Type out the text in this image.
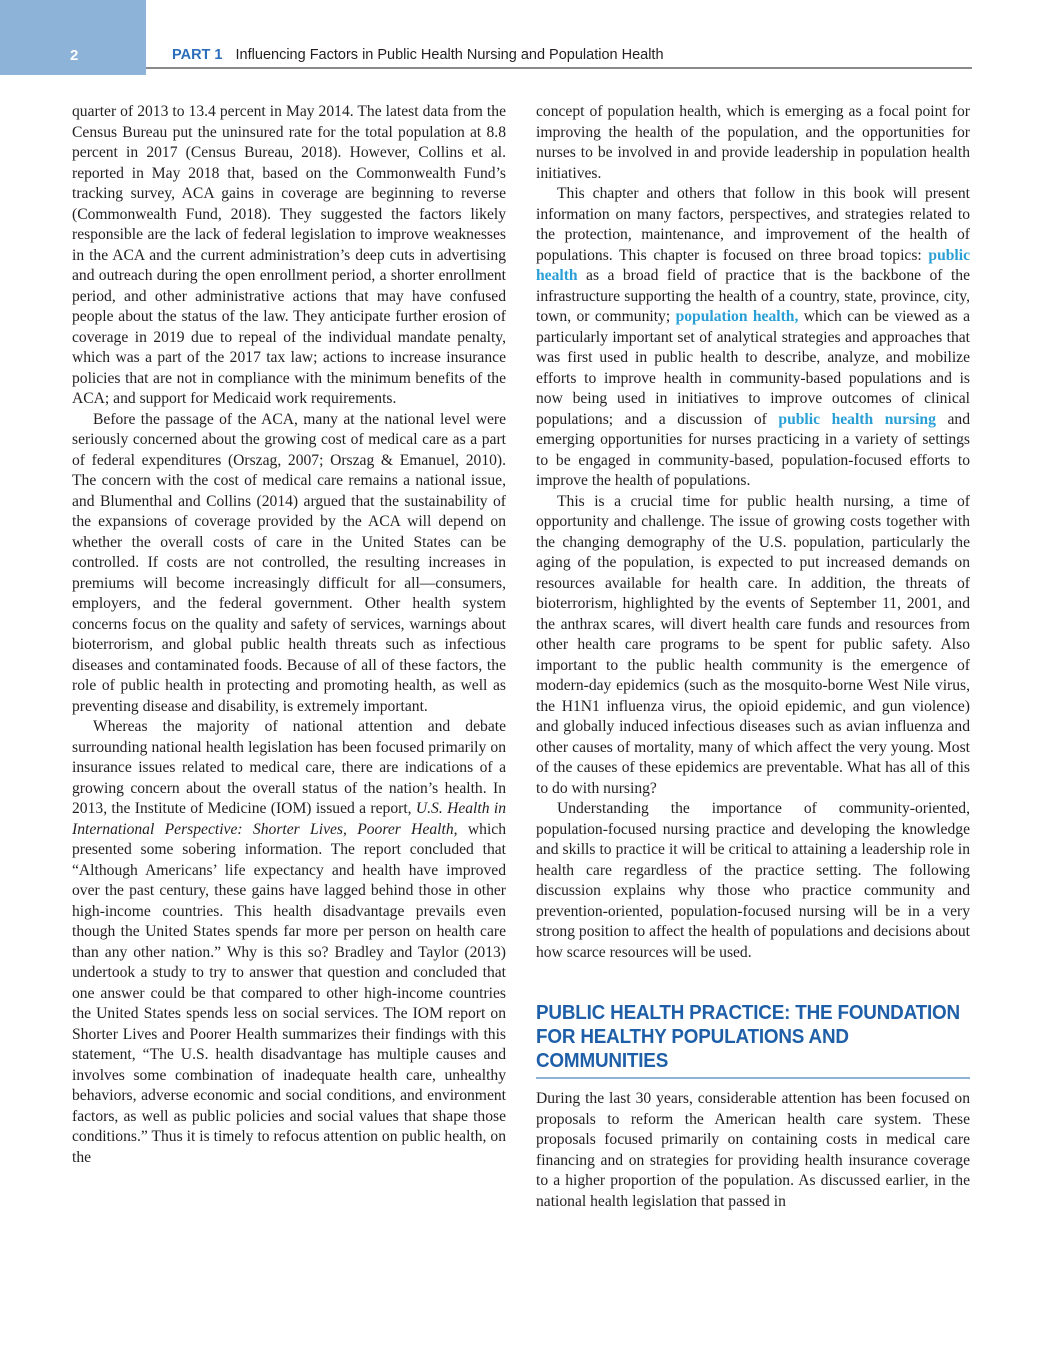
2	PART 1 Influencing Factors in Public Health Nursing and Population Health

quarter of 2013 to 13.4 percent in May 2014. The latest data from the Census Bureau put the uninsured rate for the total population at 8.8 percent in 2017 (Census Bureau, 2018). However, Collins et al. reported in May 2018 that, based on the Commonwealth Fund’s tracking survey, ACA gains in coverage are beginning to reverse (Commonwealth Fund, 2018). They suggested the factors likely responsible are the lack of federal legislation to improve weaknesses in the ACA and the current administration’s deep cuts in advertising and outreach during the open enrollment period, a shorter enrollment period, and other administrative actions that may have confused people about the status of the law. They anticipate further erosion of coverage in 2019 due to repeal of the individual mandate penalty, which was a part of the 2017 tax law; actions to increase insurance policies that are not in compliance with the minimum benefits of the ACA; and support for Medicaid work requirements.

Before the passage of the ACA, many at the national level were seriously concerned about the growing cost of medical care as a part of federal expenditures (Orszag, 2007; Orszag & Emanuel, 2010). The concern with the cost of medical care remains a national issue, and Blumenthal and Collins (2014) argued that the sustainability of the expansions of coverage provided by the ACA will depend on whether the overall costs of care in the United States can be controlled. If costs are not controlled, the resulting increases in premiums will become increasingly difficult for all—consumers, employers, and the federal government. Other health system concerns focus on the quality and safety of services, warnings about bioterrorism, and global public health threats such as infectious diseases and contaminated foods. Because of all of these factors, the role of public health in protecting and promoting health, as well as preventing disease and disability, is extremely important.

Whereas the majority of national attention and debate surrounding national health legislation has been focused primarily on insurance issues related to medical care, there are indications of a growing concern about the overall status of the nation’s health. In 2013, the Institute of Medicine (IOM) issued a report, U.S. Health in International Perspective: Shorter Lives, Poorer Health, which presented some sobering information. The report concluded that “Although Americans’ life expectancy and health have improved over the past century, these gains have lagged behind those in other high-income countries. This health disadvantage prevails even though the United States spends far more per person on health care than any other nation.” Why is this so? Bradley and Taylor (2013) undertook a study to try to answer that question and concluded that one answer could be that compared to other high-income countries the United States spends less on social services. The IOM report on Shorter Lives and Poorer Health summarizes their findings with this statement, “The U.S. health disadvantage has multiple causes and involves some combination of inadequate health care, unhealthy behaviors, adverse economic and social conditions, and environment factors, as well as public policies and social values that shape those conditions.” Thus it is timely to refocus attention on public health, on the

concept of population health, which is emerging as a focal point for improving the health of the population, and the opportunities for nurses to be involved in and provide leadership in population health initiatives.

This chapter and others that follow in this book will present information on many factors, perspectives, and strategies related to the protection, maintenance, and improvement of the health of populations. This chapter is focused on three broad topics: public health as a broad field of practice that is the backbone of the infrastructure supporting the health of a country, state, province, city, town, or community; population health, which can be viewed as a particularly important set of analytical strategies and approaches that was first used in public health to describe, analyze, and mobilize efforts to improve health in community-based populations and is now being used in initiatives to improve outcomes of clinical populations; and a discussion of public health nursing and emerging opportunities for nurses practicing in a variety of settings to be engaged in community-based, population-focused efforts to improve the health of populations.

This is a crucial time for public health nursing, a time of opportunity and challenge. The issue of growing costs together with the changing demography of the U.S. population, particularly the aging of the population, is expected to put increased demands on resources available for health care. In addition, the threats of bioterrorism, highlighted by the events of September 11, 2001, and the anthrax scares, will divert health care funds and resources from other health care programs to be spent for public safety. Also important to the public health community is the emergence of modern-day epidemics (such as the mosquito-borne West Nile virus, the H1N1 influenza virus, the opioid epidemic, and gun violence) and globally induced infectious diseases such as avian influenza and other causes of mortality, many of which affect the very young. Most of the causes of these epidemics are preventable. What has all of this to do with nursing?

Understanding the importance of community-oriented, population-focused nursing practice and developing the knowledge and skills to practice it will be critical to attaining a leadership role in health care regardless of the practice setting. The following discussion explains why those who practice community and prevention-oriented, population-focused nursing will be in a very strong position to affect the health of populations and decisions about how scarce resources will be used.

PUBLIC HEALTH PRACTICE: THE FOUNDATION FOR HEALTHY POPULATIONS AND COMMUNITIES

During the last 30 years, considerable attention has been focused on proposals to reform the American health care system. These proposals focused primarily on containing costs in medical care financing and on strategies for providing health insurance coverage to a higher proportion of the population. As discussed earlier, in the national health legislation that passed in
